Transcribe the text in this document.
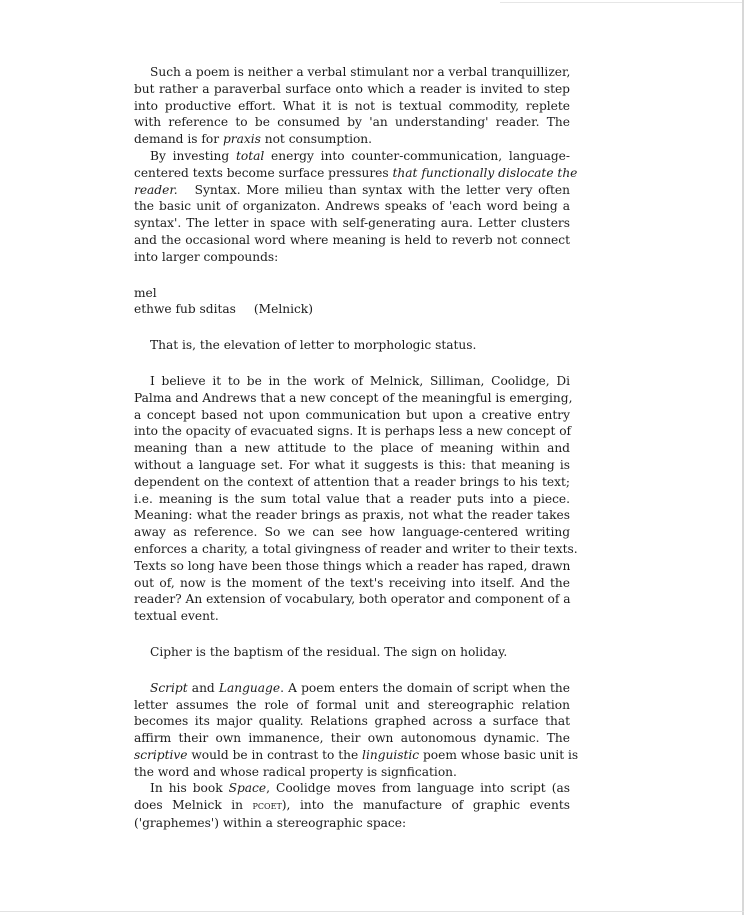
Such a poem is neither a verbal stimulant nor a verbal tranquillizer,
but rather a paraverbal surface onto which a reader is invited to step
into productive effort. What it is not is textual commodity, replete
with reference to be consumed by 'an understanding' reader. The
demand is for praxis not consumption.
By investing total energy into counter-communication, language-
centered texts become surface pressures that functionally dislocate the
reader.   Syntax. More milieu than syntax with the letter very often
the basic unit of organizaton. Andrews speaks of 'each word being a
syntax'. The letter in space with self-generating aura. Letter clusters
and the occasional word where meaning is held to reverb not connect
into larger compounds:
mel
ethwe fub sditas (Melnick)
That is, the elevation of letter to morphologic status.
I believe it to be in the work of Melnick, Silliman, Coolidge, Di
Palma and Andrews that a new concept of the meaningful is emerging,
a concept based not upon communication but upon a creative entry
into the opacity of evacuated signs. It is perhaps less a new concept of
meaning than a new attitude to the place of meaning within and
without a language set. For what it suggests is this: that meaning is
dependent on the context of attention that a reader brings to his text;
i.e. meaning is the sum total value that a reader puts into a piece.
Meaning: what the reader brings as praxis, not what the reader takes
away as reference. So we can see how language-centered writing
enforces a charity, a total givingness of reader and writer to their texts.
Texts so long have been those things which a reader has raped, drawn
out of, now is the moment of the text's receiving into itself. And the
reader? An extension of vocabulary, both operator and component of a
textual event.
Cipher is the baptism of the residual. The sign on holiday.
Script and Language. A poem enters the domain of script when the
letter assumes the role of formal unit and stereographic relation
becomes its major quality. Relations graphed across a surface that
affirm their own immanence, their own autonomous dynamic. The
scriptive would be in contrast to the linguistic poem whose basic unit is
the word and whose radical property is signfication.
In his book Space, Coolidge moves from language into script (as
does Melnick in pcoet), into the manufacture of graphic events
('graphemes') within a stereographic space:
